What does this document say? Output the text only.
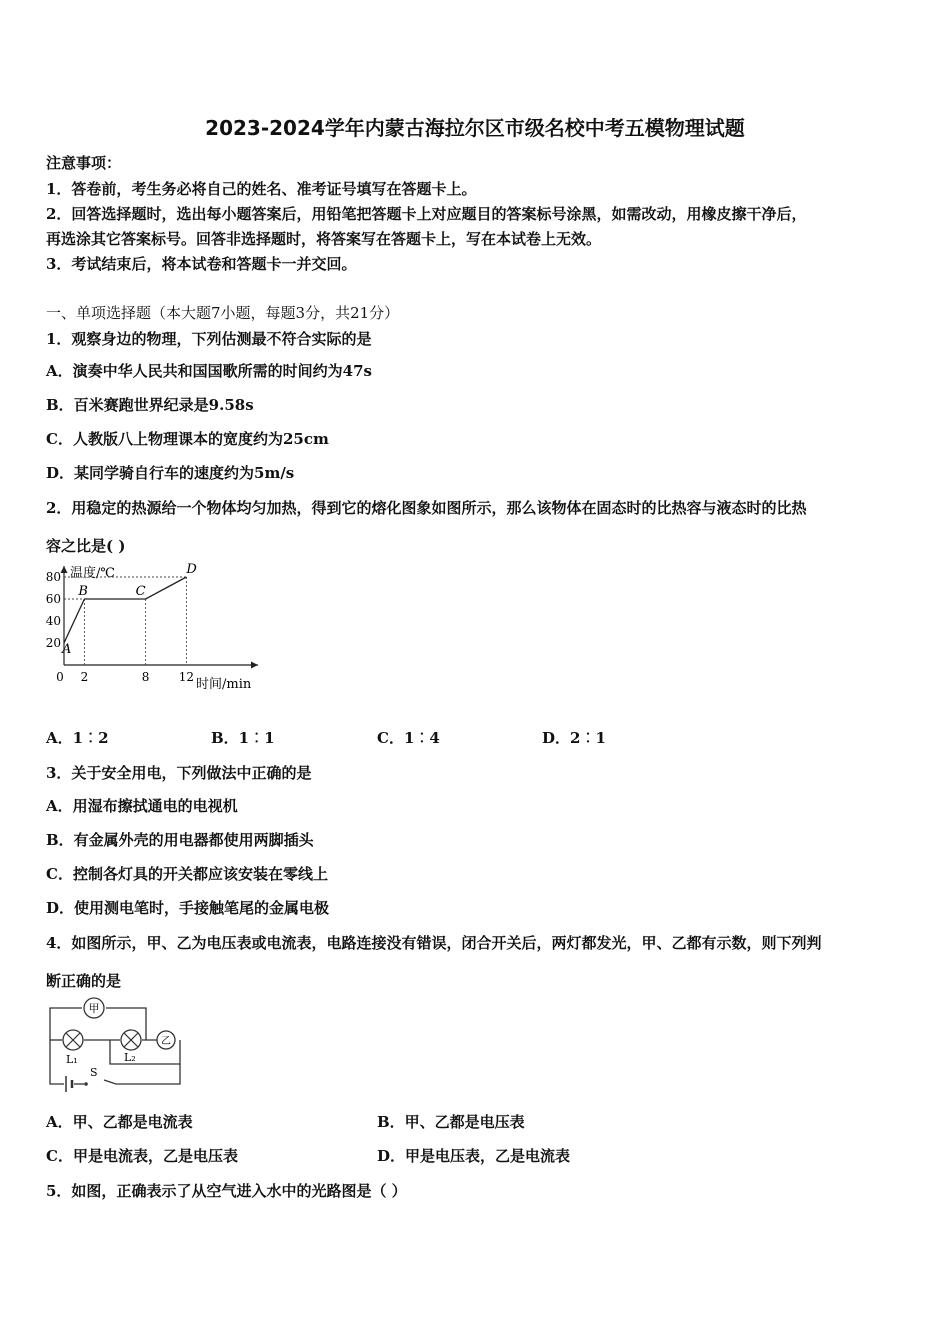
2023-2024学年内蒙古海拉尔区市级名校中考五模物理试题
注意事项：
1．答卷前，考生务必将自己的姓名、准考证号填写在答题卡上。
2．回答选择题时，选出每小题答案后，用铅笔把答题卡上对应题目的答案标号涂黑，如需改动，用橡皮擦干净后，
再选涂其它答案标号。回答非选择题时，将答案写在答题卡上，写在本试卷上无效。
3．考试结束后，将本试卷和答题卡一并交回。
一、单项选择题（本大题7小题，每题3分，共21分）
1．观察身边的物理，下列估测最不符合实际的是
A．演奏中华人民共和国国歌所需的时间约为47s
B．百米赛跑世界纪录是9.58s
C．人教版八上物理课本的宽度约为25cm
D．某同学骑自行车的速度约为5m/s
2．用稳定的热源给一个物体均匀加热，得到它的熔化图象如图所示，那么该物体在固态时的比热容与液态时的比热
容之比是( )
温度/℃
时间/min
20
40
60
80
0 2	8 12
A
B	C
D
A．1︰2	B．1︰1	C．1︰4	D．2︰1
3．关于安全用电，下列做法中正确的是
A．用湿布擦拭通电的电视机
B．有金属外壳的用电器都使用两脚插头
C．控制各灯具的开关都应该安装在零线上
D．使用测电笔时，手接触笔尾的金属电极
4．如图所示，甲、乙为电压表或电流表，电路连接没有错误，闭合开关后，两灯都发光，甲、乙都有示数，则下列判
断正确的是
甲
L₁	L₂
乙
S
A．甲、乙都是电流表	B．甲、乙都是电压表
C．甲是电流表，乙是电压表	D．甲是电压表，乙是电流表
5．如图，正确表示了从空气进入水中的光路图是（ ）
